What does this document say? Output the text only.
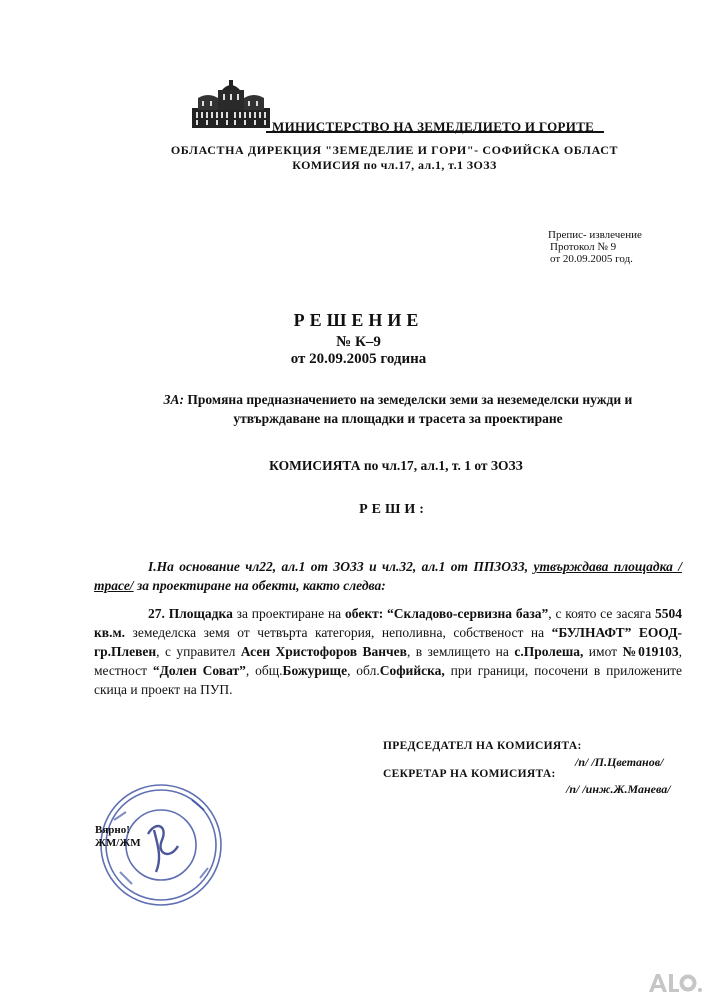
МИНИСТЕРСТВО НА ЗЕМЕДЕЛИЕТО И ГОРИТЕ
ОБЛАСТНА ДИРЕКЦИЯ "ЗЕМЕДЕЛИЕ И ГОРИ"- СОФИЙСКА ОБЛАСТ
КОМИСИЯ по чл.17, ал.1, т.1 ЗОЗЗ
Препис- извлечение
Протокол № 9
от 20.09.2005 год.
РЕШЕНИЕ
№ К–9
от 20.09.2005 година
ЗА: Промяна предназначението на земеделски земи за неземеделски нужди и утвърждаване на площадки и трасета за проектиране
КОМИСИЯТА по чл.17, ал.1, т. 1 от ЗОЗЗ
РЕШИ:
І.На основание чл22, ал.1 от ЗОЗЗ и чл.32, ал.1 от ППЗОЗЗ, утвърждава площадка /трасе/ за проектиране на обекти, както следва:
27. Площадка за проектиране на обект: “Складово-сервизна база”, с която се засяга 5504 кв.м. земеделска земя от четвърта категория, неполивна, собственост на “БУЛНАФТ” ЕООД-гр.Плевен, с управител Асен Христофоров Ванчев, в землището на с.Пролеша, имот №019103, местност “Долен Соват”, общ.Божурище, обл.Софийска, при граници, посочени в приложените скица и проект на ПУП.
ПРЕДСЕДАТЕЛ НА КОМИСИЯТА:
/п/ /П.Цветанов/
СЕКРЕТАР НА КОМИСИЯТА:
/п/ /инж.Ж.Манева/
Вярно!
ЖМ/ЖМ
